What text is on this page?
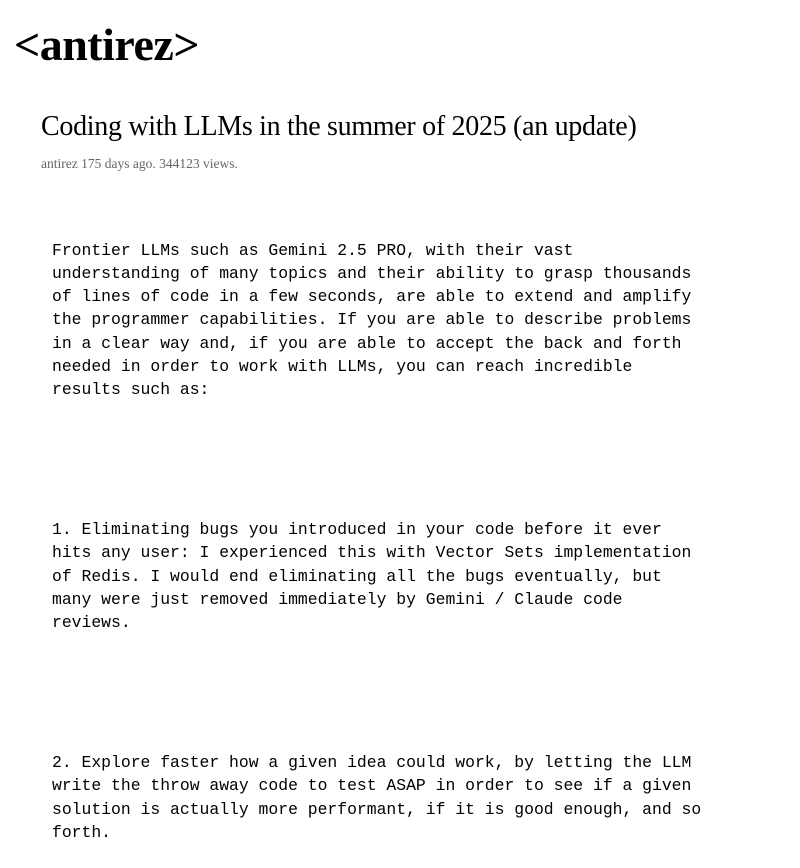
<antirez>
Coding with LLMs in the summer of 2025 (an update)
antirez 175 days ago. 344123 views.

Frontier LLMs such as Gemini 2.5 PRO, with their vast
understanding of many topics and their ability to grasp thousands
of lines of code in a few seconds, are able to extend and amplify
the programmer capabilities. If you are able to describe problems
in a clear way and, if you are able to accept the back and forth
needed in order to work with LLMs, you can reach incredible
results such as:

1. Eliminating bugs you introduced in your code before it ever
hits any user: I experienced this with Vector Sets implementation
of Redis. I would end eliminating all the bugs eventually, but
many were just removed immediately by Gemini / Claude code
reviews.

2. Explore faster how a given idea could work, by letting the LLM
write the throw away code to test ASAP in order to see if a given
solution is actually more performant, if it is good enough, and so
forth.
